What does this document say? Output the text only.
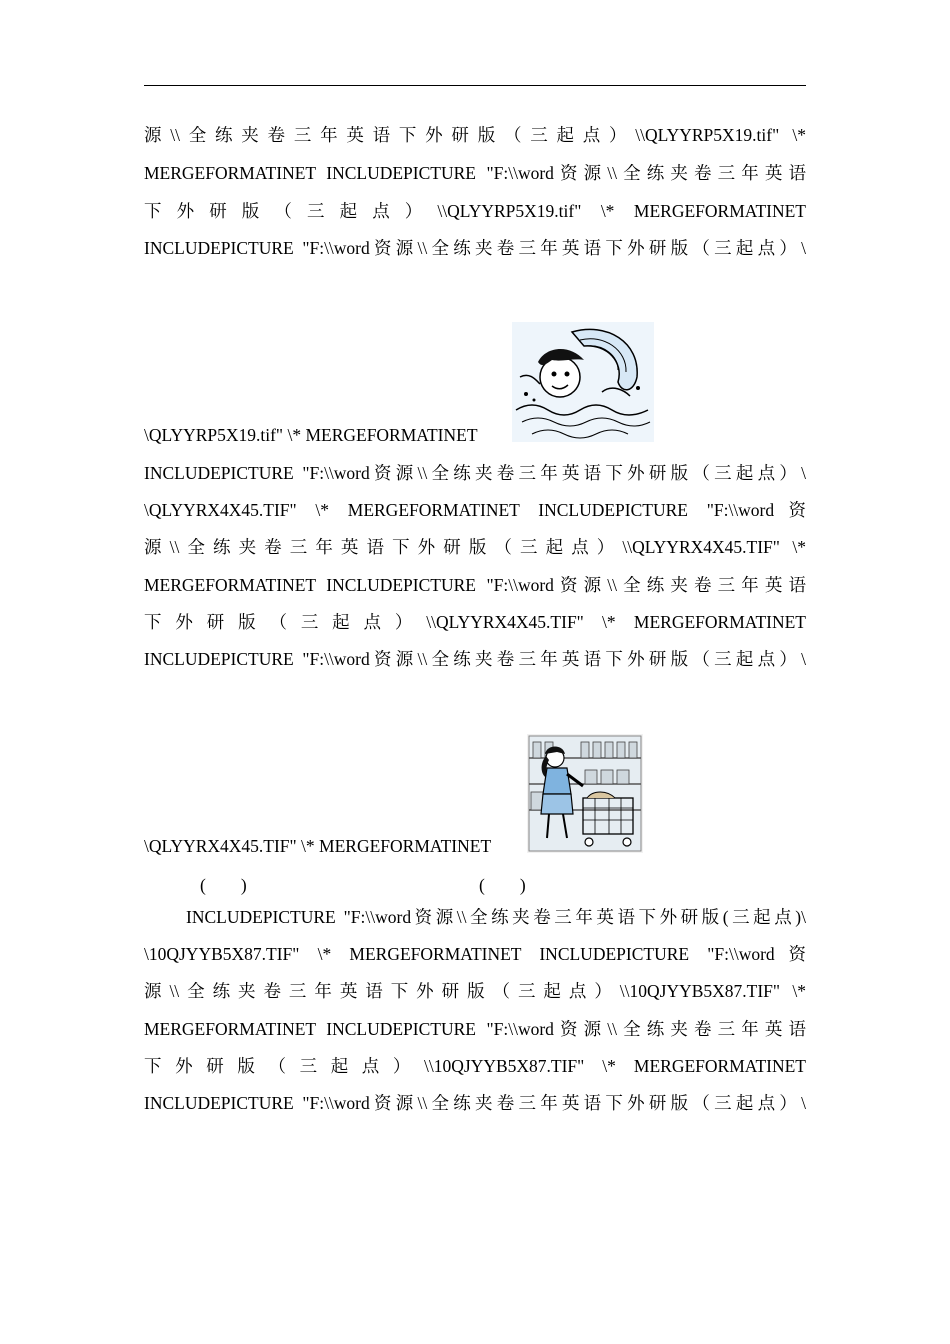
源\\全练夹卷三年英语下外研版（三起点）\\QLYYRP5X19.tif" \*
MERGEFORMATINET INCLUDEPICTURE "F:\\word资源\\全练夹卷三年英语
下外研版（三起点）\\QLYYRP5X19.tif" \* MERGEFORMATINET
INCLUDEPICTURE "F:\\word资源\\全练夹卷三年英语下外研版（三起点）\
\QLYYRP5X19.tif" \* MERGEFORMATINET
INCLUDEPICTURE "F:\\word资源\\全练夹卷三年英语下外研版（三起点）\
\QLYYRX4X45.TIF" \* MERGEFORMATINET INCLUDEPICTURE "F:\\word资
源\\全练夹卷三年英语下外研版（三起点）\\QLYYRX4X45.TIF" \*
MERGEFORMATINET INCLUDEPICTURE "F:\\word资源\\全练夹卷三年英语
下外研版（三起点）\\QLYYRX4X45.TIF" \* MERGEFORMATINET
INCLUDEPICTURE "F:\\word资源\\全练夹卷三年英语下外研版（三起点）\
\QLYYRX4X45.TIF" \* MERGEFORMATINET
(　　)	(　　)
INCLUDEPICTURE "F:\\word资源\\全练夹卷三年英语下外研版(三起点)\
\10QJYYB5X87.TIF" \* MERGEFORMATINET INCLUDEPICTURE "F:\\word资
源\\全练夹卷三年英语下外研版（三起点）\\10QJYYB5X87.TIF" \*
MERGEFORMATINET INCLUDEPICTURE "F:\\word资源\\全练夹卷三年英语
下外研版（三起点）\\10QJYYB5X87.TIF" \* MERGEFORMATINET
INCLUDEPICTURE "F:\\word资源\\全练夹卷三年英语下外研版（三起点）\
